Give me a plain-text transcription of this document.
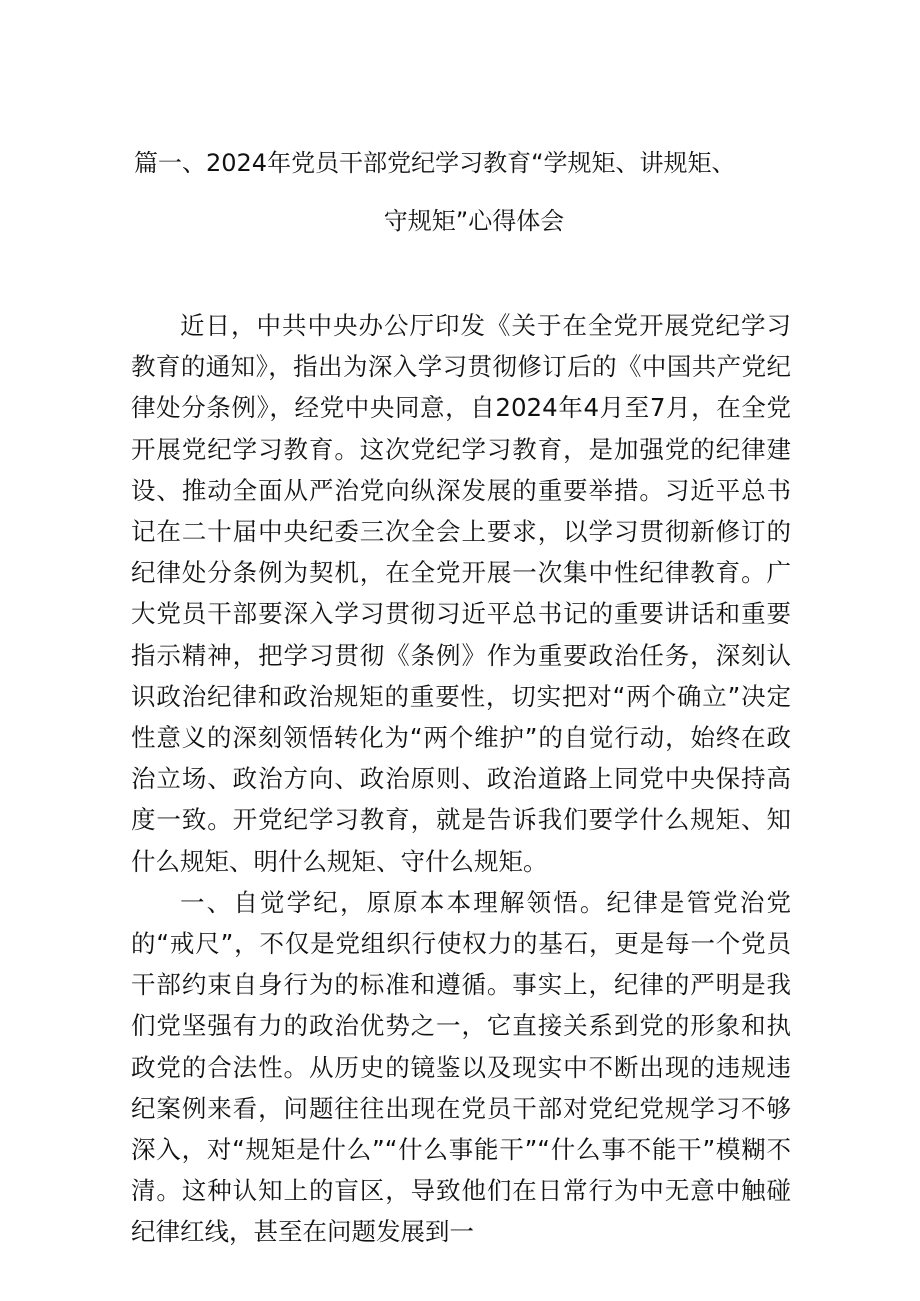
篇一、2024年党员干部党纪学习教育“学规矩、讲规矩、
守规矩”心得体会

近日，中共中央办公厅印发《关于在全党开展党纪学习教育的通知》，指出为深入学习贯彻修订后的《中国共产党纪律处分条例》，经党中央同意，自2024年4月至7月，在全党开展党纪学习教育。这次党纪学习教育，是加强党的纪律建设、推动全面从严治党向纵深发展的重要举措。习近平总书记在二十届中央纪委三次全会上要求，以学习贯彻新修订的纪律处分条例为契机，在全党开展一次集中性纪律教育。广大党员干部要深入学习贯彻习近平总书记的重要讲话和重要指示精神，把学习贯彻《条例》作为重要政治任务，深刻认识政治纪律和政治规矩的重要性，切实把对“两个确立”决定性意义的深刻领悟转化为“两个维护”的自觉行动，始终在政治立场、政治方向、政治原则、政治道路上同党中央保持高度一致。开党纪学习教育，就是告诉我们要学什么规矩、知什么规矩、明什么规矩、守什么规矩。

一、自觉学纪，原原本本理解领悟。纪律是管党治党的“戒尺”，不仅是党组织行使权力的基石，更是每一个党员干部约束自身行为的标准和遵循。事实上，纪律的严明是我们党坚强有力的政治优势之一，它直接关系到党的形象和执政党的合法性。从历史的镜鉴以及现实中不断出现的违规违纪案例来看，问题往往出现在党员干部对党纪党规学习不够深入，对“规矩是什么”“什么事能干”“什么事不能干”模糊不清。这种认知上的盲区，导致他们在日常行为中无意中触碰纪律红线，甚至在问题发展到一
